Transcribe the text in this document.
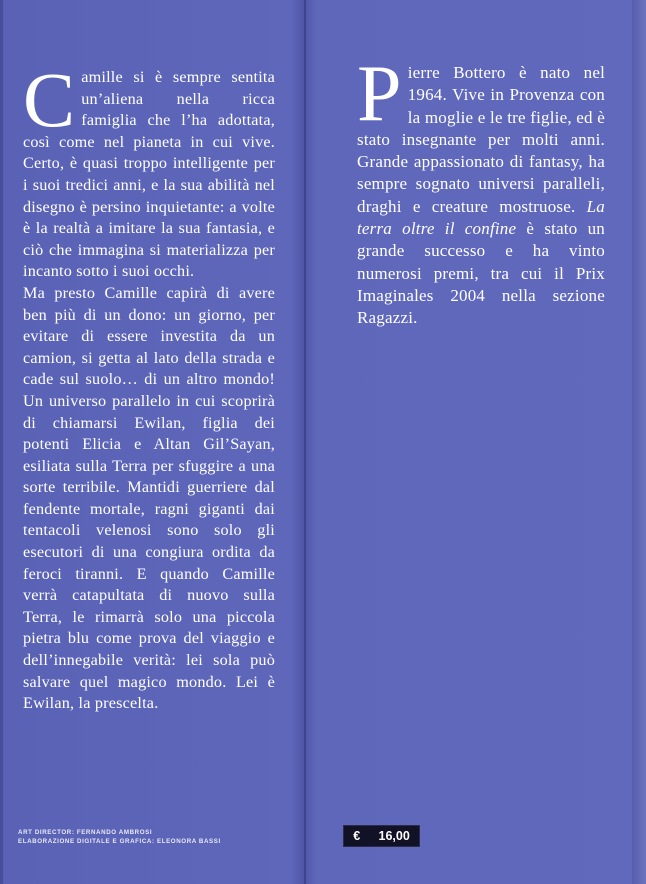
Camille si è sempre sentita un’aliena nella ricca famiglia che l’ha adottata, così come nel pianeta in cui vive. Certo, è quasi troppo intelligente per i suoi tredici anni, e la sua abilità nel disegno è persino inquietante: a volte è la realtà a imitare la sua fantasia, e ciò che immagina si materializza per incanto sotto i suoi occhi.

Ma presto Camille capirà di avere ben più di un dono: un giorno, per evitare di essere investita da un camion, si getta al lato della strada e cade sul suolo… di un altro mondo! Un universo parallelo in cui scoprirà di chiamarsi Ewilan, figlia dei potenti Elicia e Altan Gil’Sayan, esiliata sulla Terra per sfuggire a una sorte terribile. Mantidi guerriere dal fendente mortale, ragni giganti dai tentacoli velenosi sono solo gli esecutori di una congiura ordita da feroci tiranni. E quando Camille verrà catapultata di nuovo sulla Terra, le rimarrà solo una piccola pietra blu come prova del viaggio e dell’innegabile verità: lei sola può salvare quel magico mondo. Lei è Ewilan, la prescelta.

Pierre Bottero è nato nel 1964. Vive in Provenza con la moglie e le tre figlie, ed è stato insegnante per molti anni. Grande appassionato di fantasy, ha sempre sognato universi paralleli, draghi e creature mostruose. La terra oltre il confine è stato un grande successo e ha vinto numerosi premi, tra cui il Prix Imaginales 2004 nella sezione Ragazzi.

ART DIRECTOR: FERNANDO AMBROSI
ELABORAZIONE DIGITALE E GRAFICA: ELEONORA BASSI	€ 16,00
